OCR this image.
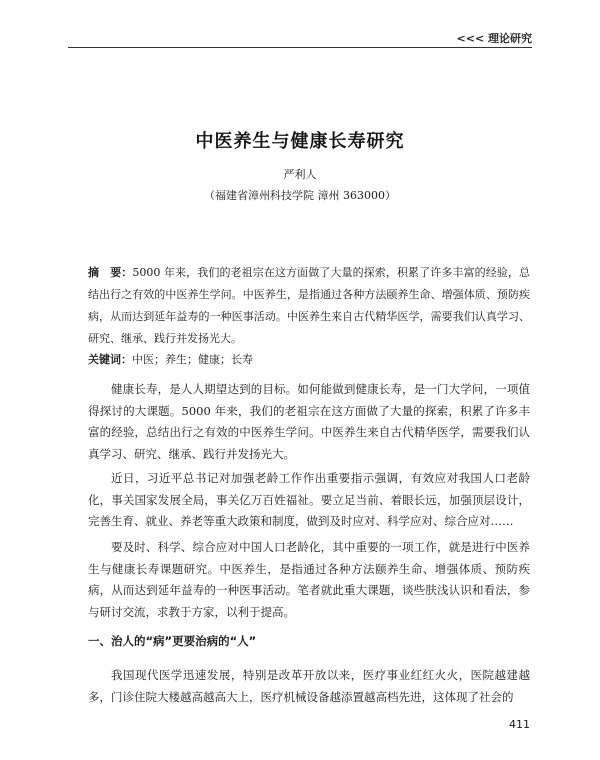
<<< 理论研究
中医养生与健康长寿研究
严利人
（福建省漳州科技学院 漳州 363000）
摘　要：5000 年来，我们的老祖宗在这方面做了大量的探索，积累了许多丰富的经验，总结出行之有效的中医养生学问。中医养生，是指通过各种方法颐养生命、增强体质、预防疾病，从而达到延年益寿的一种医事活动。中医养生来自古代精华医学，需要我们认真学习、研究、继承、践行并发扬光大。
关键词：中医；养生；健康；长寿
健康长寿，是人人期望达到的目标。如何能做到健康长寿，是一门大学问，一项值得探讨的大课题。5000 年来，我们的老祖宗在这方面做了大量的探索，积累了许多丰富的经验，总结出行之有效的中医养生学问。中医养生来自古代精华医学，需要我们认真学习、研究、继承、践行并发扬光大。
近日，习近平总书记对加强老龄工作作出重要指示强调，有效应对我国人口老龄化，事关国家发展全局，事关亿万百姓福祉。要立足当前、着眼长远，加强顶层设计，完善生育、就业、养老等重大政策和制度，做到及时应对、科学应对、综合应对……
要及时、科学、综合应对中国人口老龄化，其中重要的一项工作，就是进行中医养生与健康长寿课题研究。中医养生，是指通过各种方法颐养生命、增强体质、预防疾病，从而达到延年益寿的一种医事活动。笔者就此重大课题，谈些肤浅认识和看法，参与研讨交流，求教于方家，以利于提高。
一、治人的“病”更要治病的“人”
我国现代医学迅速发展，特别是改革开放以来，医疗事业红红火火，医院越建越多，门诊住院大楼越高越高大上，医疗机械设备越添置越高档先进，这体现了社会的
411
